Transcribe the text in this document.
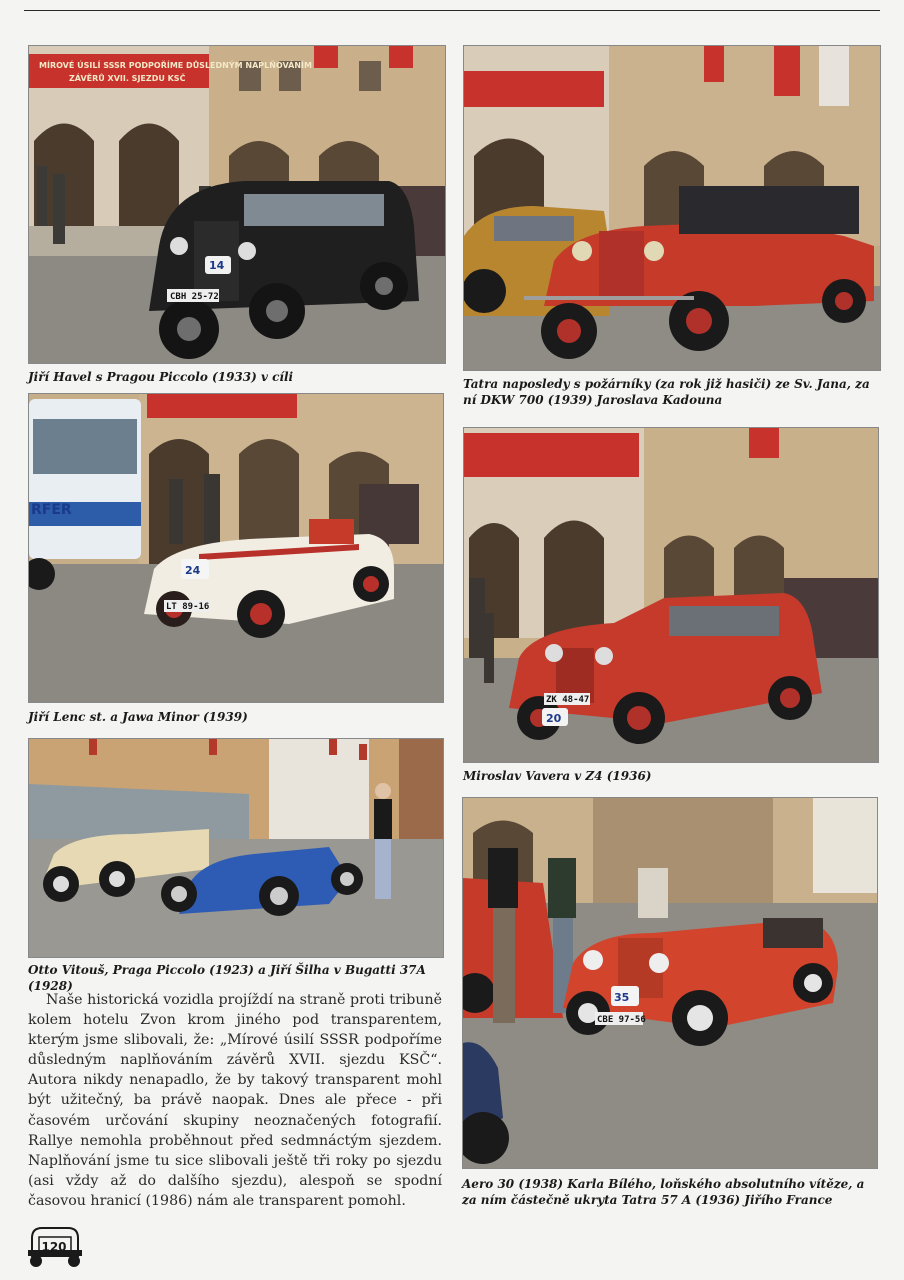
MÍROVÉ ÚSILÍ SSSR PODPOŘÍME DŮSLEDNÝM NAPLŇOVÁNÍM
ZÁVĚRŮ XVII. SJEZDU KSČ
14
CBH 25-72
Jiří Havel s Pragou Piccolo (1933) v cíli	Tatra naposledy s požárníky (za rok již hasiči) ze Sv. Jana, za ní DKW 700 (1939) Jaroslava Kadouna
RFER
24
LT 89-16
Jiří Lenc st. a Jawa Minor (1939)
ZK 48-47
20
Miroslav Vavera v Z4 (1936)
Otto Vitouš, Praga Piccolo (1923) a Jiří Šilha v Bugatti 37A (1928)
35
CBE 97-56
Aero 30 (1938) Karla Bílého, loňského absolutního vítěze, a za ním částečně ukryta Tatra 57 A (1936) Jiřího France
Naše historická vozidla projíždí na straně proti tribuně kolem hotelu Zvon krom jiného pod transparentem, kterým jsme slibovali, že: „Mírové úsilí SSSR podpoříme důsledným naplňováním závěrů XVII. sjezdu KSČ“. Autora nikdy nenapadlo, že by takový transparent mohl být užitečný, ba právě naopak. Dnes ale přece - při časovém určování skupiny neoznačených fotografií. Rallye nemohla proběhnout před sedmnáctým sjezdem. Naplňování jsme tu sice slibovali ještě tři roky po sjezdu (asi vždy až do dalšího sjezdu), alespoň se spodní časovou hranicí (1986) nám ale transparent pomohl.
120
